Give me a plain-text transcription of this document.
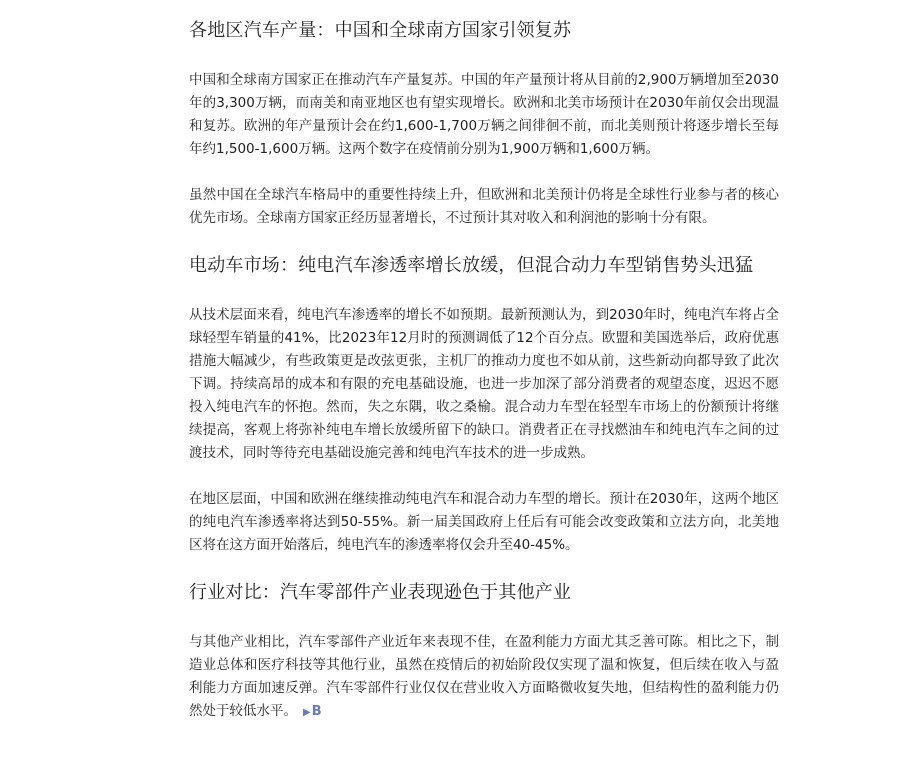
各地区汽车产量：中国和全球南方国家引领复苏

中国和全球南方国家正在推动汽车产量复苏。中国的年产量预计将从目前的2,900万辆增加至2030年的3,300万辆，而南美和南亚地区也有望实现增长。欧洲和北美市场预计在2030年前仅会出现温和复苏。欧洲的年产量预计会在约1,600-1,700万辆之间徘徊不前，而北美则预计将逐步增长至每年约1,500-1,600万辆。这两个数字在疫情前分别为1,900万辆和1,600万辆。

虽然中国在全球汽车格局中的重要性持续上升，但欧洲和北美预计仍将是全球性行业参与者的核心优先市场。全球南方国家正经历显著增长，不过预计其对收入和利润池的影响十分有限。

电动车市场：纯电汽车渗透率增长放缓，但混合动力车型销售势头迅猛

从技术层面来看，纯电汽车渗透率的增长不如预期。最新预测认为，到2030年时，纯电汽车将占全球轻型车销量的41%，比2023年12月时的预测调低了12个百分点。欧盟和美国选举后，政府优惠措施大幅减少，有些政策更是改弦更张，主机厂的推动力度也不如从前，这些新动向都导致了此次下调。持续高昂的成本和有限的充电基础设施，也进一步加深了部分消费者的观望态度，迟迟不愿投入纯电汽车的怀抱。然而，失之东隅，收之桑榆。混合动力车型在轻型车市场上的份额预计将继续提高，客观上将弥补纯电车增长放缓所留下的缺口。消费者正在寻找燃油车和纯电汽车之间的过渡技术，同时等待充电基础设施完善和纯电汽车技术的进一步成熟。

在地区层面，中国和欧洲在继续推动纯电汽车和混合动力车型的增长。预计在2030年，这两个地区的纯电汽车渗透率将达到50-55%。新一届美国政府上任后有可能会改变政策和立法方向，北美地区将在这方面开始落后，纯电汽车的渗透率将仅会升至40-45%。

行业对比：汽车零部件产业表现逊色于其他产业

与其他产业相比，汽车零部件产业近年来表现不佳，在盈利能力方面尤其乏善可陈。相比之下，制造业总体和医疗科技等其他行业，虽然在疫情后的初始阶段仅实现了温和恢复，但后续在收入与盈利能力方面加速反弹。汽车零部件行业仅仅在营业收入方面略微收复失地，但结构性的盈利能力仍然处于较低水平。 ▶B
